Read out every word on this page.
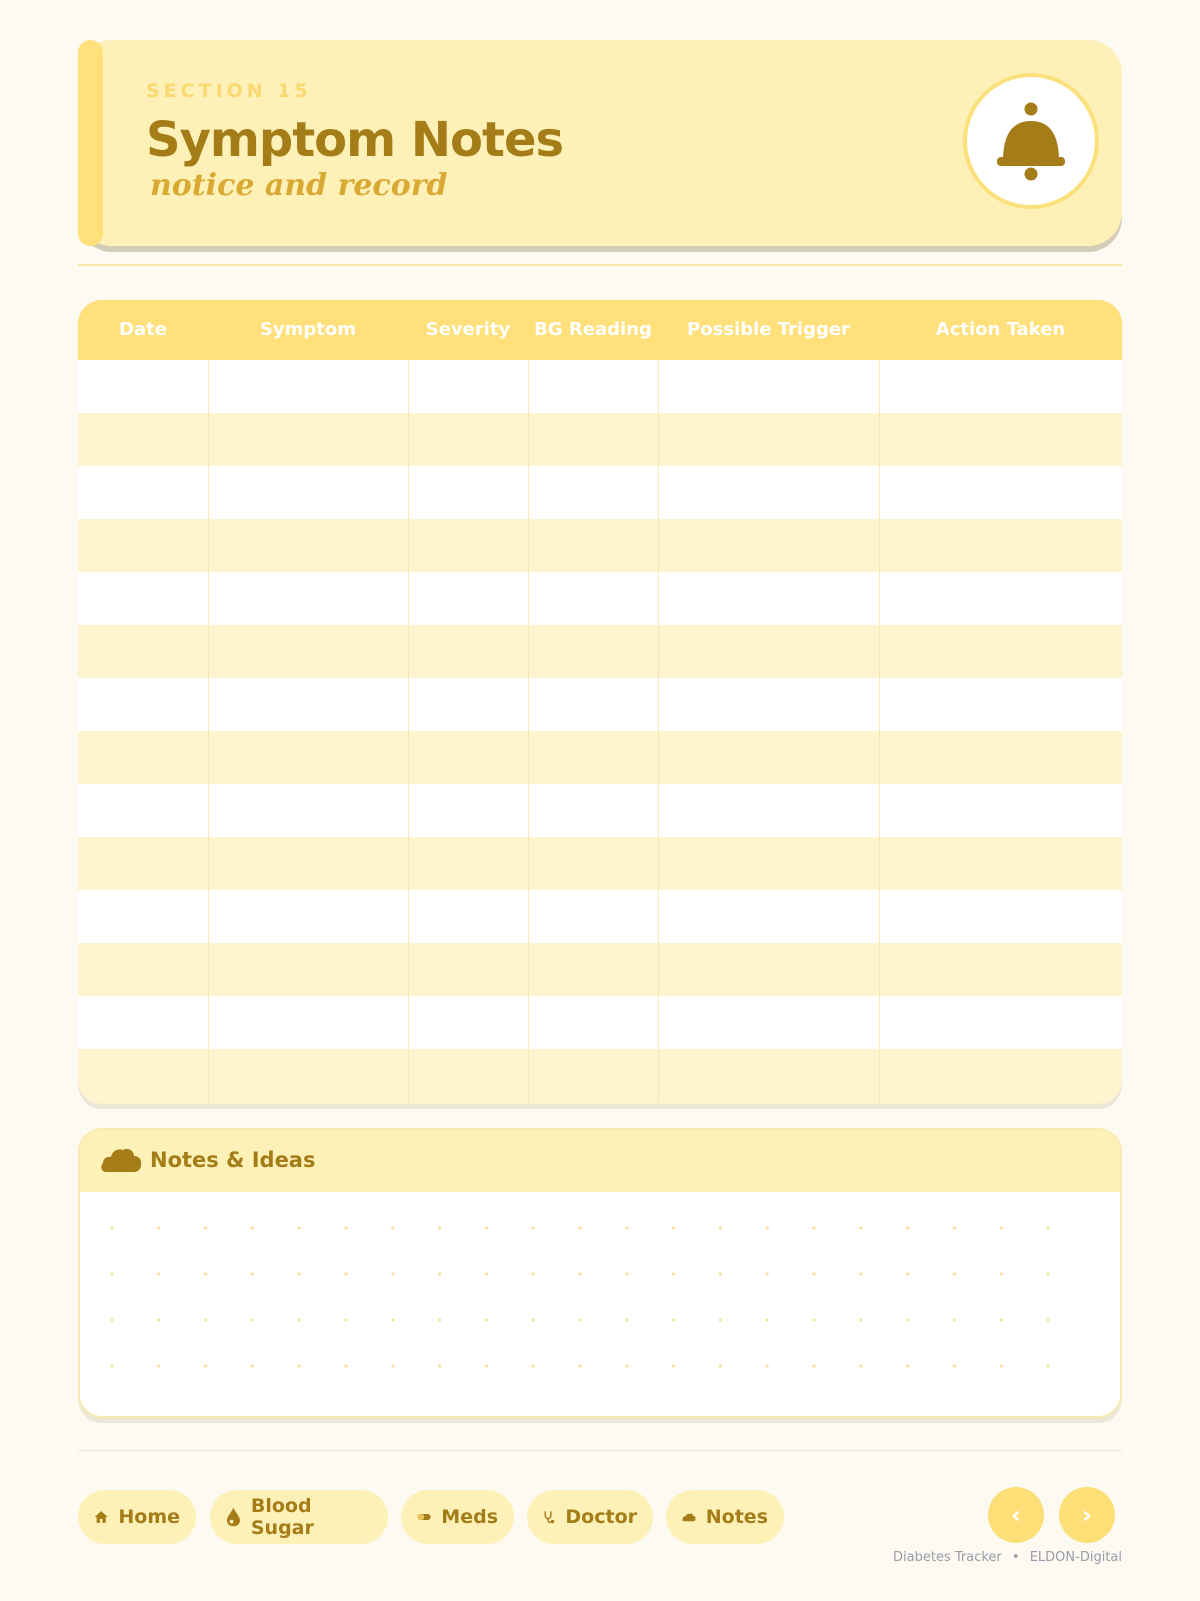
SECTION 15
Symptom Notes
notice and record
Date	Symptom	Severity	BG Reading	Possible Trigger	Action Taken
Notes & Ideas
Home	Blood Sugar	Meds	Doctor	Notes	‹	›
Diabetes Tracker • ELDON-Digital
